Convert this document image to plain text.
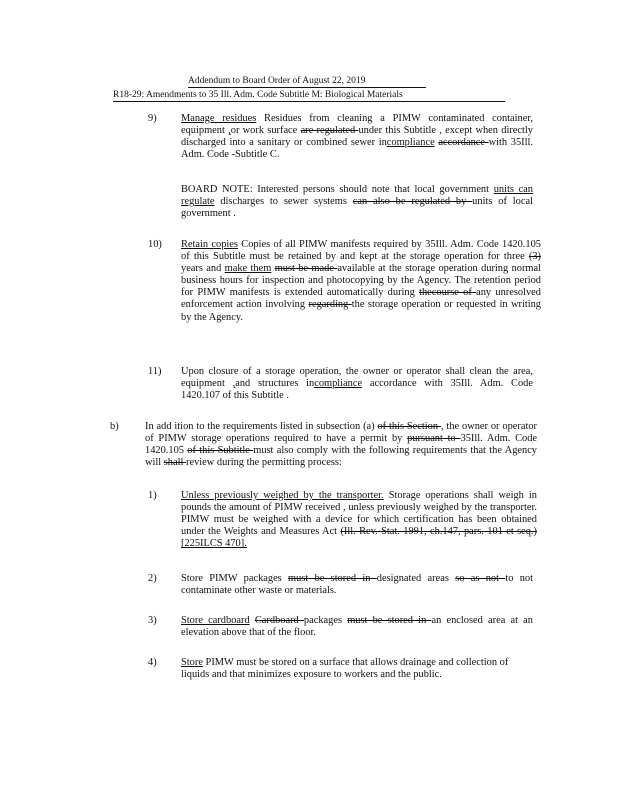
Addendum to Board Order of August 22, 2019
R18-29: Amendments to 35 Ill. Adm. Code Subtitle M: Biological Materials
9) Manage residues Residues from cleaning a PIMW contaminated container, equipment ,or work surface are regulated under this Subtitle , except when directly discharged into a sanitary or combined sewer incompliance accordance with 35Ill. Adm. Code -Subtitle C.
BOARD NOTE: Interested persons should note that local government units can regulate discharges to sewer systems can also be regulated by units of local government .
10) Retain copies Copies of all PIMW manifests required by 35Ill. Adm. Code 1420.105 of this Subtitle must be retained by and kept at the storage operation for three (3) years and make them must be made available at the storage operation during normal business hours for inspection and photocopying by the Agency. The retention period for PIMW manifests is extended automatically during thecourse of any unresolved enforcement action involving regarding the storage operation or requested in writing by the Agency.
11) Upon closure of a storage operation, the owner or operator shall clean the area, equipment ,and structures incompliance accordance with 35Ill. Adm. Code 1420.107 of this Subtitle .
b)	In add ition to the requirements listed in subsection (a) of this Section , the owner or operator of PIMW storage operations required to have a permit by pursuant to 35Ill. Adm. Code 1420.105 of this Subtitle must also comply with the following requirements that the Agency will shall review during the permitting process:
1) Unless previously weighed by the transporter. Storage operations shall weigh in pounds the amount of PIMW received , unless previously weighed by the transporter. PIMW must be weighed with a device for which certification has been obtained under the Weights and Measures Act (Ill. Rev. Stat. 1991, ch.147, pars. 101 et seq.) [225ILCS 470].
2) Store PIMW packages must be stored in designated areas so as not to not contaminate other waste or materials.
3) Store cardboard Cardboard packages must be stored in an enclosed area at an elevation above that of the floor.
4) Store PIMW must be stored on a surface that allows drainage and collection of liquids and that minimizes exposure to workers and the public.
